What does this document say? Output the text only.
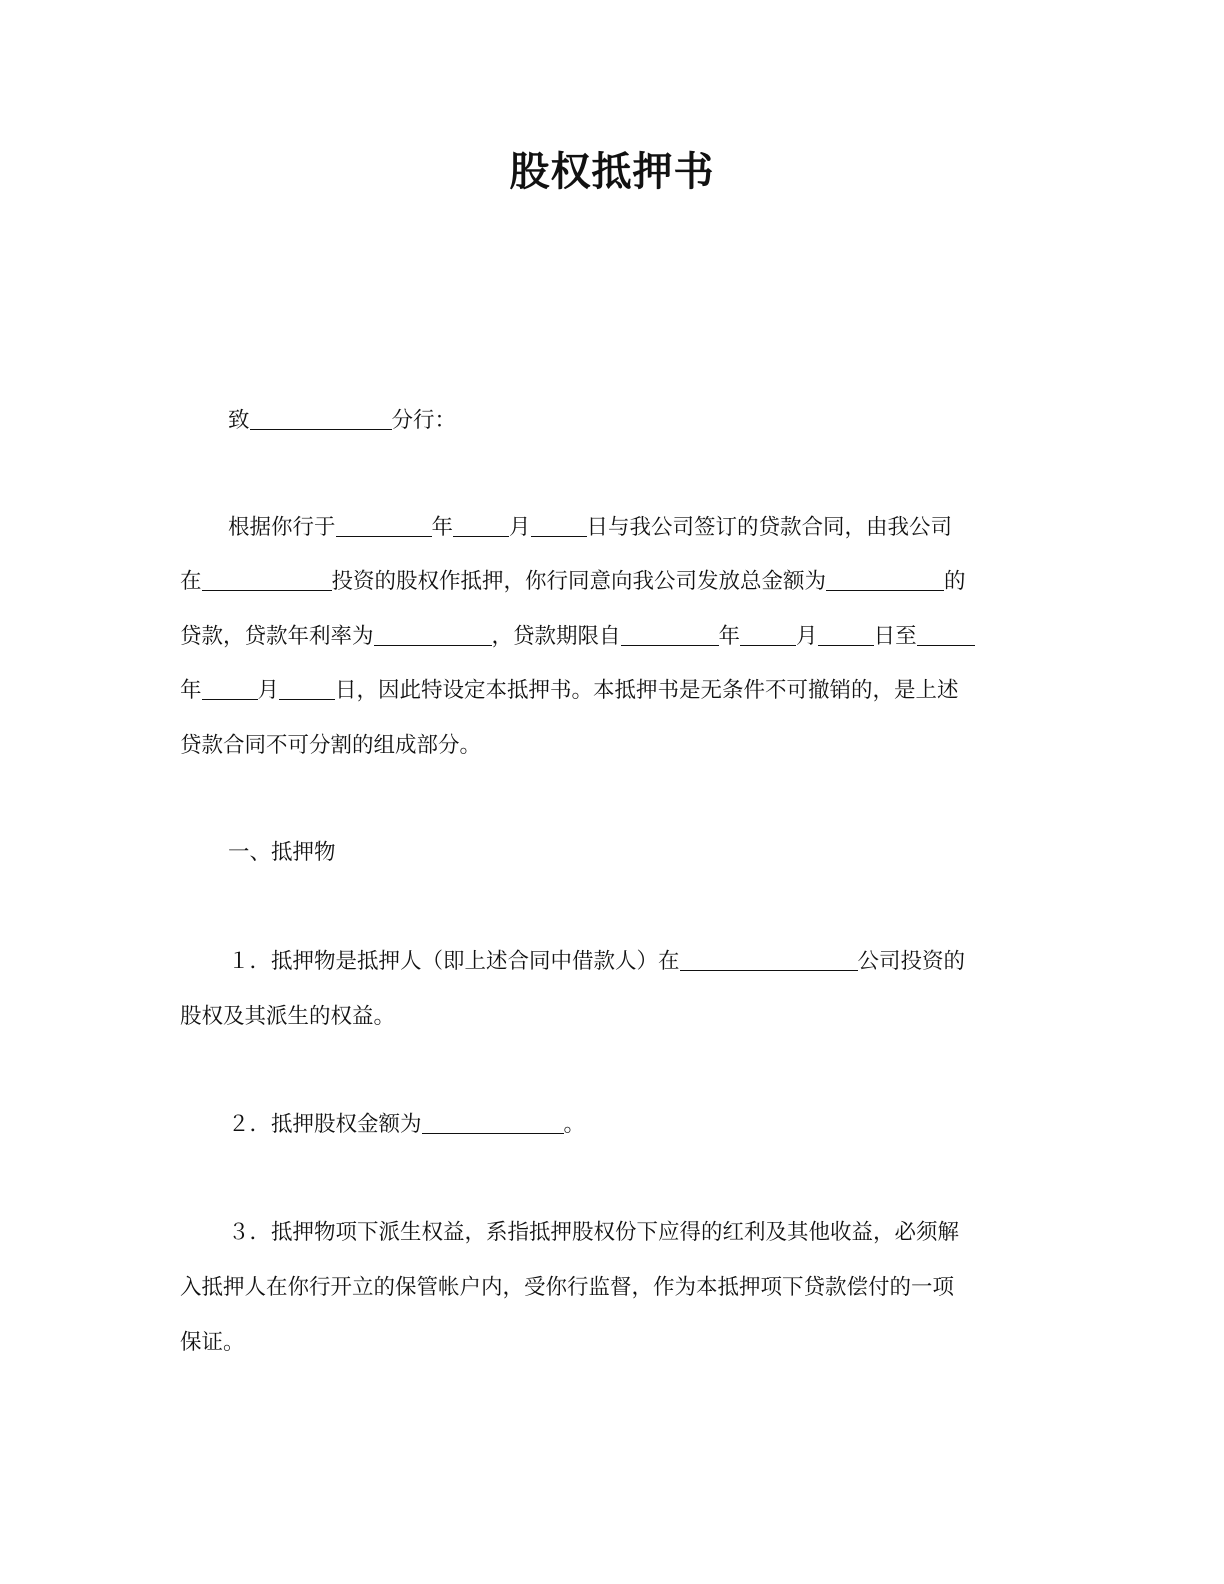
股权抵押书
致	分行：
根据你行于	年	月	日与我公司签订的贷款合同，由我公司
在	投资的股权作抵押，你行同意向我公司发放总金额为	的
贷款，贷款年利率为	，贷款期限自	年	月	日至
年	月	日，因此特设定本抵押书。本抵押书是无条件不可撤销的，是上述
贷款合同不可分割的组成部分。
一、抵押物
１．抵押物是抵押人（即上述合同中借款人）在	公司投资的
股权及其派生的权益。
２．抵押股权金额为	。
３．抵押物项下派生权益，系指抵押股权份下应得的红利及其他收益，必须解
入抵押人在你行开立的保管帐户内，受你行监督，作为本抵押项下贷款偿付的一项
保证。
